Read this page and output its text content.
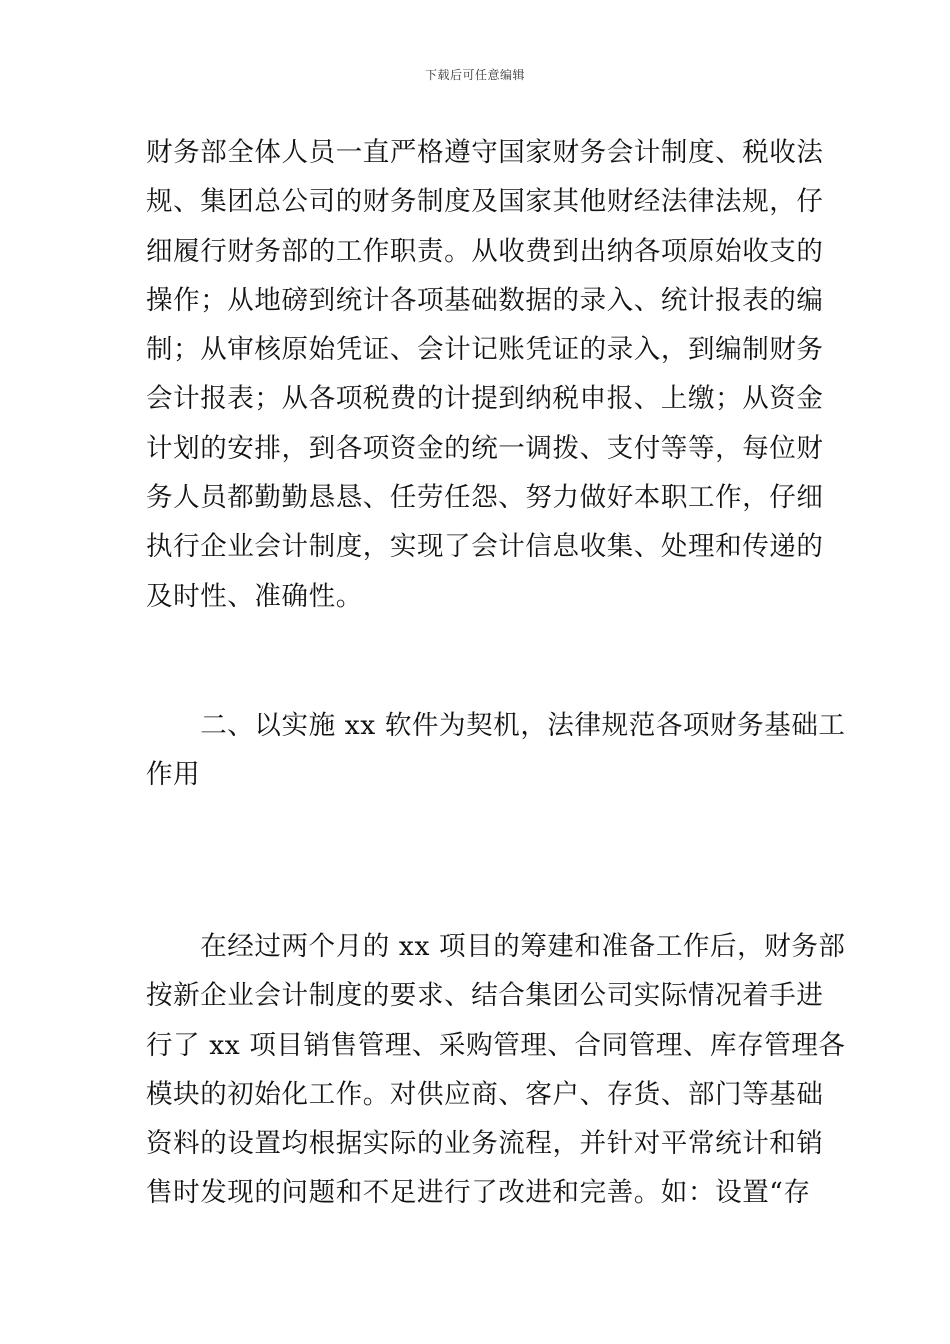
下载后可任意编辑

财务部全体人员一直严格遵守国家财务会计制度、税收法
规、集团总公司的财务制度及国家其他财经法律法规，仔
细履行财务部的工作职责。从收费到出纳各项原始收支的
操作；从地磅到统计各项基础数据的录入、统计报表的编
制；从审核原始凭证、会计记账凭证的录入，到编制财务
会计报表；从各项税费的计提到纳税申报、上缴；从资金
计划的安排，到各项资金的统一调拨、支付等等，每位财
务人员都勤勤恳恳、任劳任怨、努力做好本职工作，仔细
执行企业会计制度，实现了会计信息收集、处理和传递的
及时性、准确性。

　　二、以实施 xx 软件为契机，法律规范各项财务基础工
作用

　　在经过两个月的 xx 项目的筹建和准备工作后，财务部
按新企业会计制度的要求、结合集团公司实际情况着手进
行了 xx 项目销售管理、采购管理、合同管理、库存管理各
模块的初始化工作。对供应商、客户、存货、部门等基础
资料的设置均根据实际的业务流程，并针对平常统计和销
售时发现的问题和不足进行了改进和完善。如：设置“存
